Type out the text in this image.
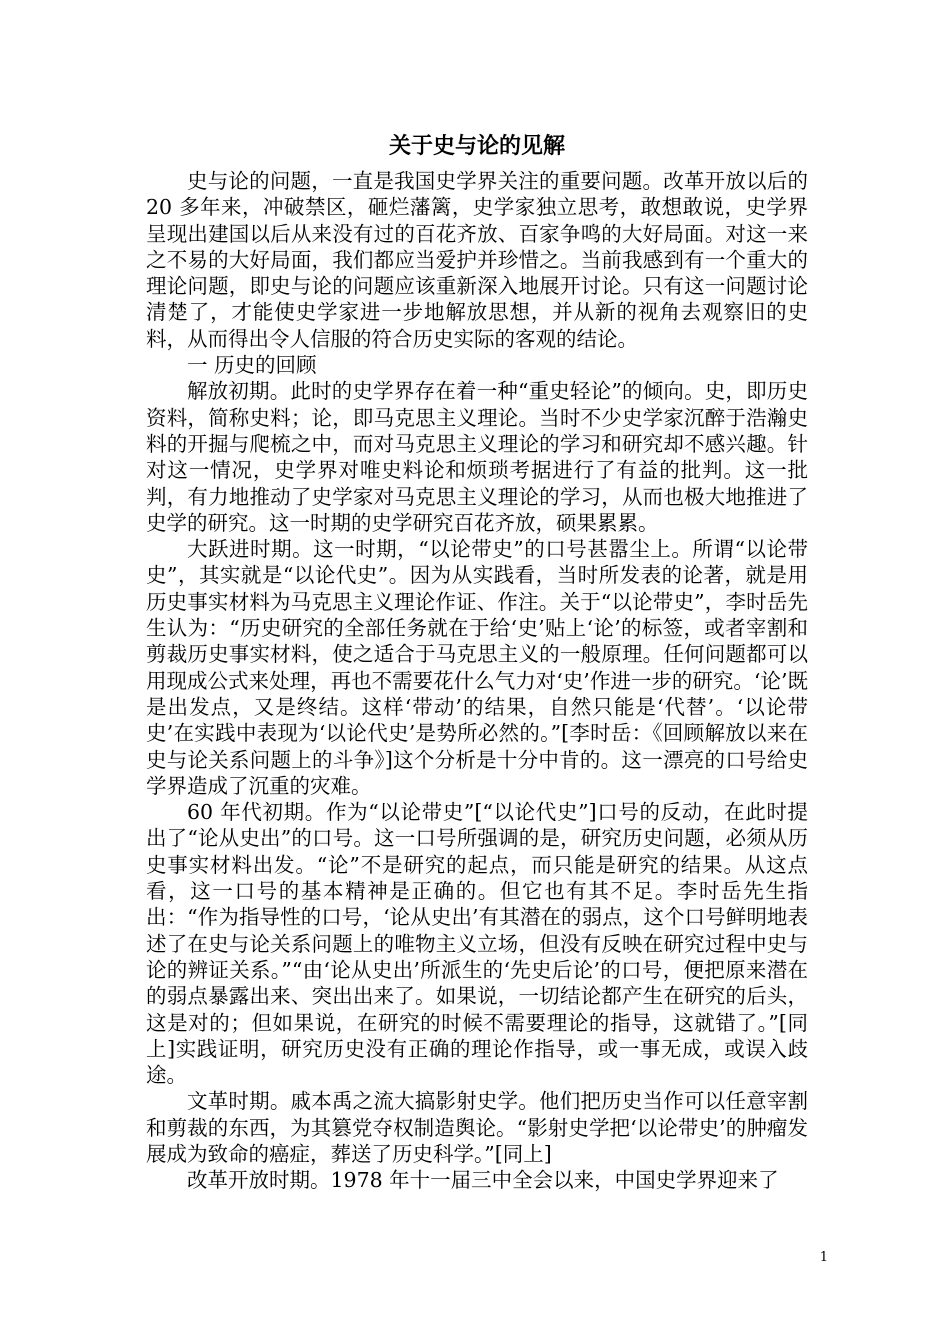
关于史与论的见解

史与论的问题，一直是我国史学界关注的重要问题。改革开放以后的 20 多年来，冲破禁区，砸烂藩篱，史学家独立思考，敢想敢说，史学界呈现出建国以后从来没有过的百花齐放、百家争鸣的大好局面。对这一来之不易的大好局面，我们都应当爱护并珍惜之。当前我感到有一个重大的理论问题，即史与论的问题应该重新深入地展开讨论。只有这一问题讨论清楚了，才能使史学家进一步地解放思想，并从新的视角去观察旧的史料，从而得出令人信服的符合历史实际的客观的结论。

一 历史的回顾

解放初期。此时的史学界存在着一种“重史轻论”的倾向。史，即历史资料，简称史料；论，即马克思主义理论。当时不少史学家沉醉于浩瀚史料的开掘与爬梳之中，而对马克思主义理论的学习和研究却不感兴趣。针对这一情况，史学界对唯史料论和烦琐考据进行了有益的批判。这一批判，有力地推动了史学家对马克思主义理论的学习，从而也极大地推进了史学的研究。这一时期的史学研究百花齐放，硕果累累。

大跃进时期。这一时期，“以论带史”的口号甚嚣尘上。所谓“以论带史”，其实就是“以论代史”。因为从实践看，当时所发表的论著，就是用历史事实材料为马克思主义理论作证、作注。关于“以论带史”，李时岳先生认为：“历史研究的全部任务就在于给‘史’贴上‘论’的标签，或者宰割和剪裁历史事实材料，使之适合于马克思主义的一般原理。任何问题都可以用现成公式来处理，再也不需要花什么气力对‘史’作进一步的研究。‘论’既是出发点，又是终结。这样‘带动’的结果，自然只能是‘代替’。‘以论带史’在实践中表现为‘以论代史’是势所必然的。”[李时岳：《回顾解放以来在史与论关系问题上的斗争》]这个分析是十分中肯的。这一漂亮的口号给史学界造成了沉重的灾难。

60 年代初期。作为“以论带史”[“以论代史”]口号的反动，在此时提出了“论从史出”的口号。这一口号所强调的是，研究历史问题，必须从历史事实材料出发。“论”不是研究的起点，而只能是研究的结果。从这点看，这一口号的基本精神是正确的。但它也有其不足。李时岳先生指出：“作为指导性的口号，‘论从史出’有其潜在的弱点，这个口号鲜明地表述了在史与论关系问题上的唯物主义立场，但没有反映在研究过程中史与论的辨证关系。”“由‘论从史出’所派生的‘先史后论’的口号，便把原来潜在的弱点暴露出来、突出出来了。如果说，一切结论都产生在研究的后头，这是对的；但如果说，在研究的时候不需要理论的指导，这就错了。”[同上]实践证明，研究历史没有正确的理论作指导，或一事无成，或误入歧途。

文革时期。戚本禹之流大搞影射史学。他们把历史当作可以任意宰割和剪裁的东西，为其篡党夺权制造舆论。“影射史学把‘以论带史’的肿瘤发展成为致命的癌症，葬送了历史科学。”[同上]

改革开放时期。1978 年十一届三中全会以来，中国史学界迎来了

1
